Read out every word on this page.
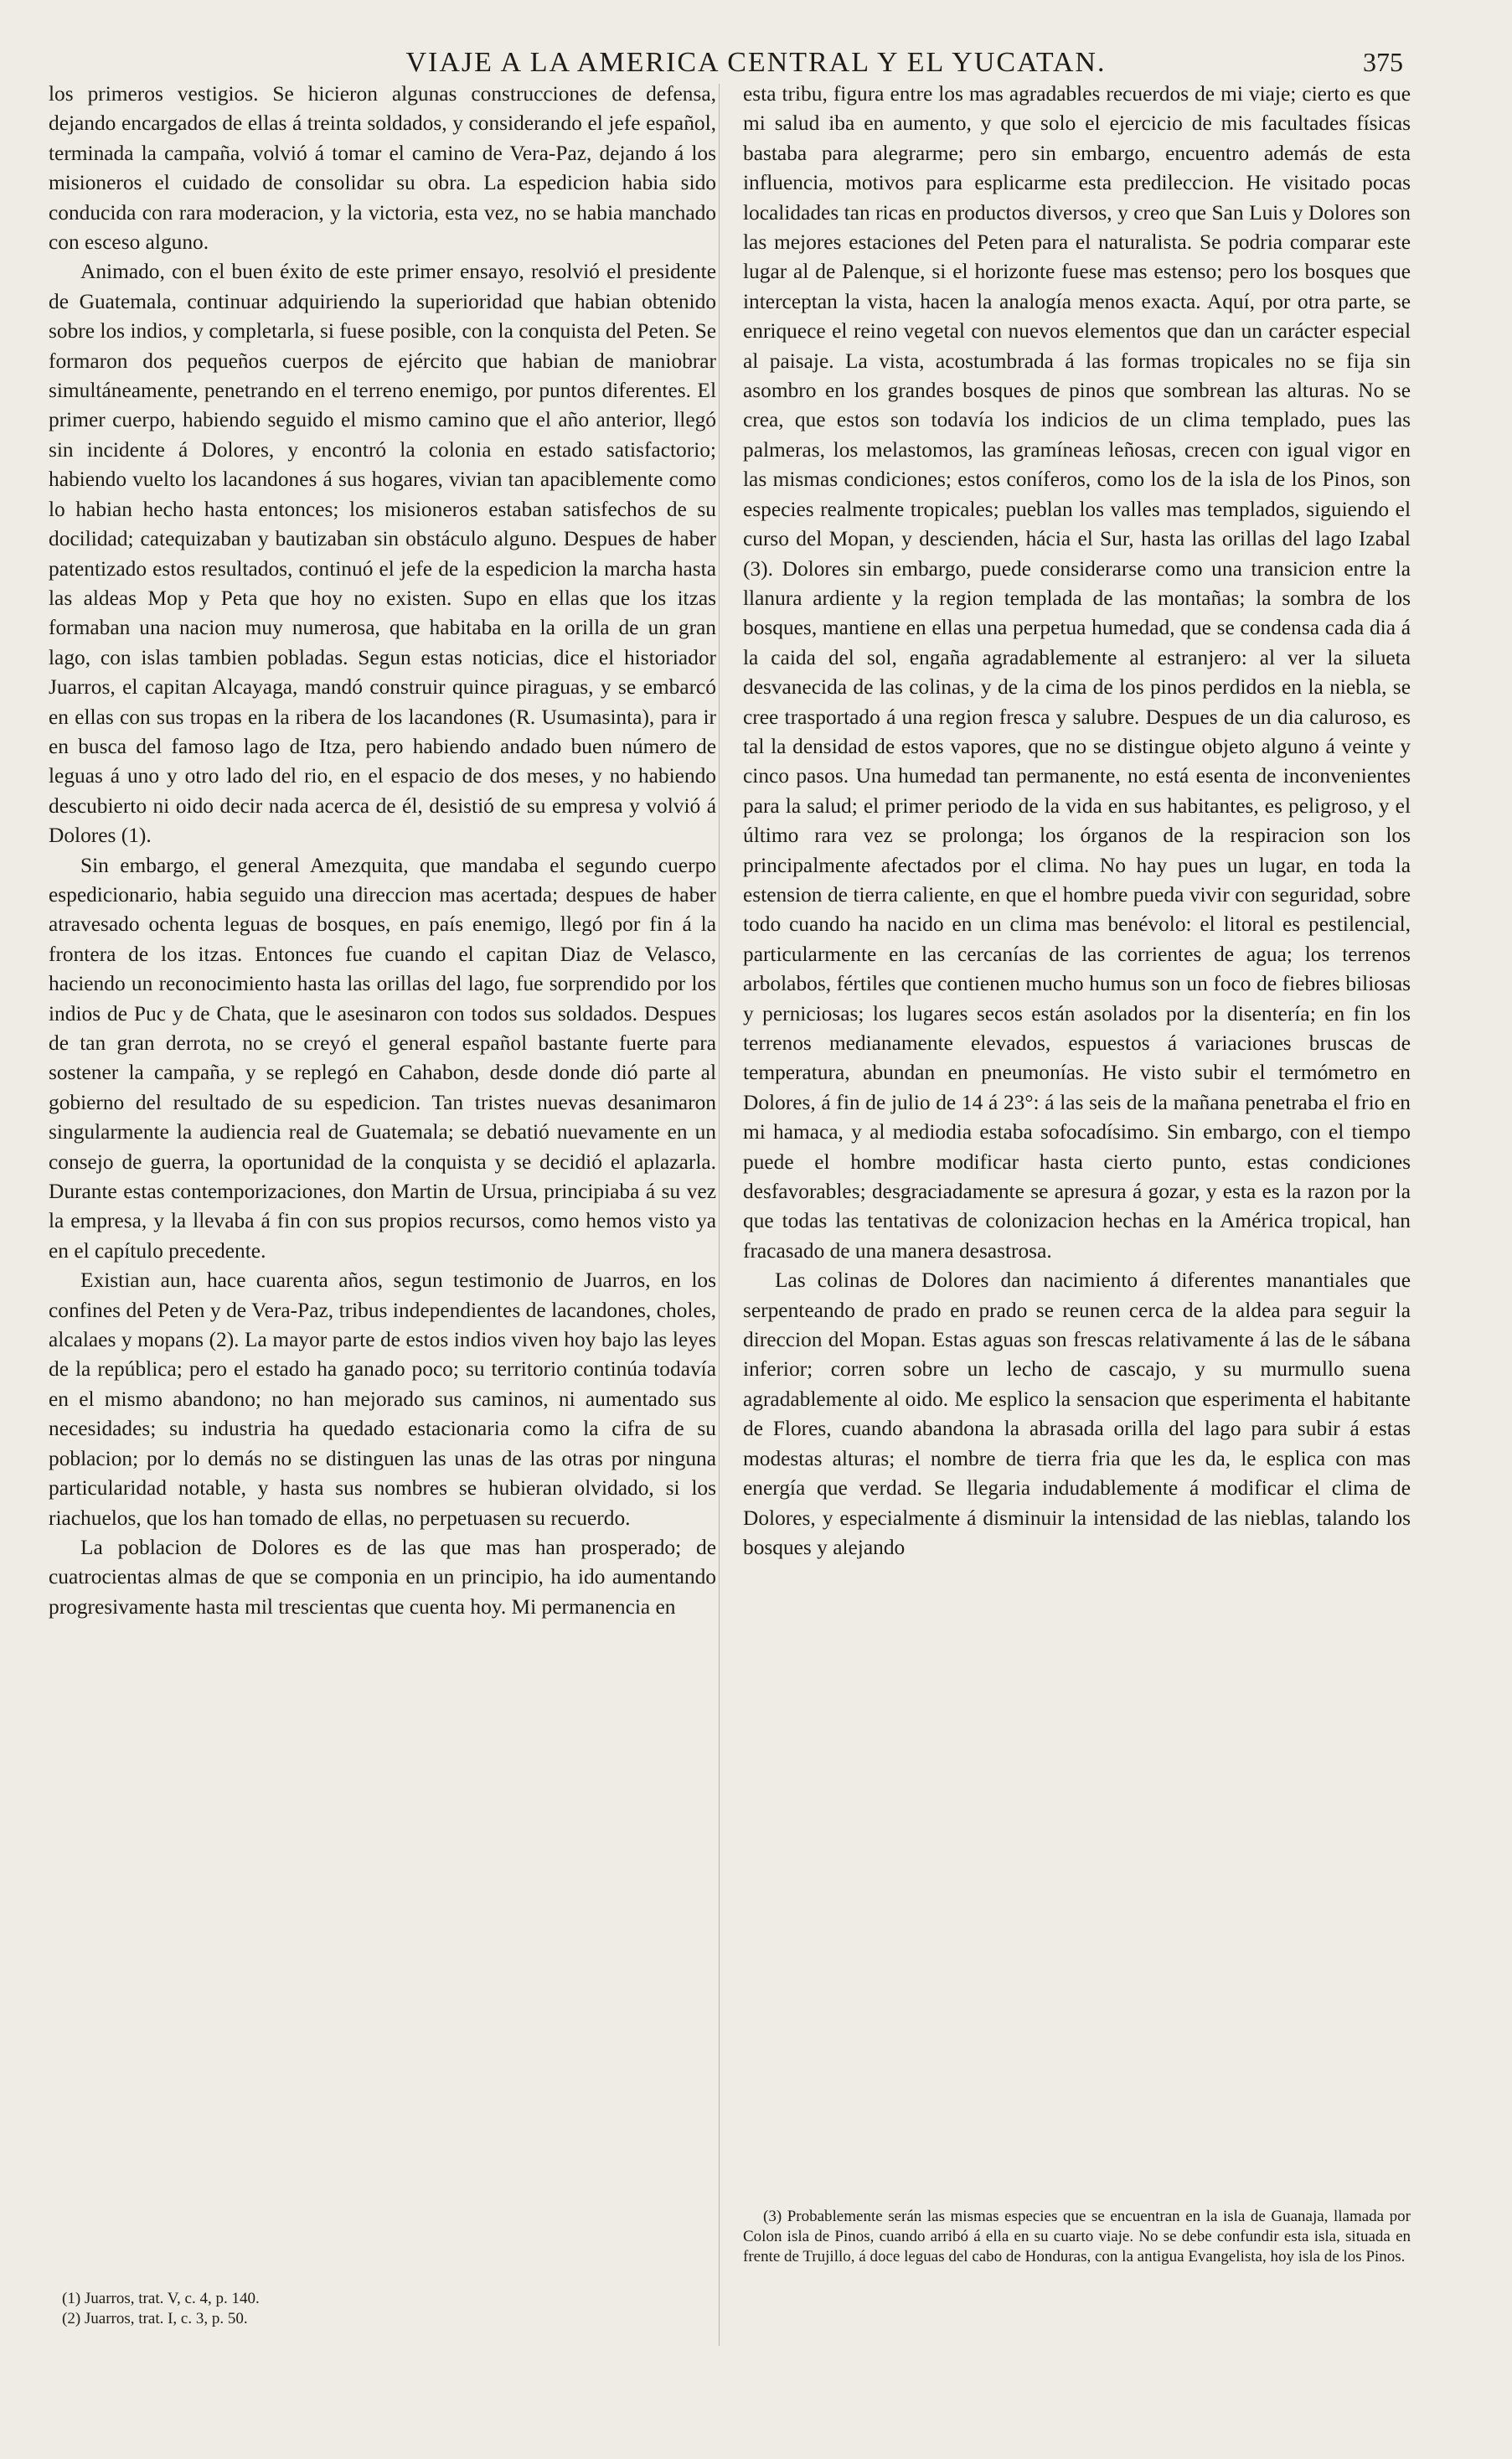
VIAJE A LA AMERICA CENTRAL Y EL YUCATAN.	375

los primeros vestigios. Se hicieron algunas construcciones de defensa, dejando encargados de ellas á treinta soldados, y considerando el jefe español, terminada la campaña, volvió á tomar el camino de Vera-Paz, dejando á los misioneros el cuidado de consolidar su obra. La espedicion habia sido conducida con rara moderacion, y la victoria, esta vez, no se habia manchado con esceso alguno.

Animado, con el buen éxito de este primer ensayo, resolvió el presidente de Guatemala, continuar adquiriendo la superioridad que habian obtenido sobre los indios, y completarla, si fuese posible, con la conquista del Peten. Se formaron dos pequeños cuerpos de ejército que habian de maniobrar simultáneamente, penetrando en el terreno enemigo, por puntos diferentes. El primer cuerpo, habiendo seguido el mismo camino que el año anterior, llegó sin incidente á Dolores, y encontró la colonia en estado satisfactorio; habiendo vuelto los lacandones á sus hogares, vivian tan apaciblemente como lo habian hecho hasta entonces; los misioneros estaban satisfechos de su docilidad; catequizaban y bautizaban sin obstáculo alguno. Despues de haber patentizado estos resultados, continuó el jefe de la espedicion la marcha hasta las aldeas Mop y Peta que hoy no existen. Supo en ellas que los itzas formaban una nacion muy numerosa, que habitaba en la orilla de un gran lago, con islas tambien pobladas. Segun estas noticias, dice el historiador Juarros, el capitan Alcayaga, mandó construir quince piraguas, y se embarcó en ellas con sus tropas en la ribera de los lacandones (R. Usumasinta), para ir en busca del famoso lago de Itza, pero habiendo andado buen número de leguas á uno y otro lado del rio, en el espacio de dos meses, y no habiendo descubierto ni oido decir nada acerca de él, desistió de su empresa y volvió á Dolores (1).

Sin embargo, el general Amezquita, que mandaba el segundo cuerpo espedicionario, habia seguido una direccion mas acertada; despues de haber atravesado ochenta leguas de bosques, en país enemigo, llegó por fin á la frontera de los itzas. Entonces fue cuando el capitan Diaz de Velasco, haciendo un reconocimiento hasta las orillas del lago, fue sorprendido por los indios de Puc y de Chata, que le asesinaron con todos sus soldados. Despues de tan gran derrota, no se creyó el general español bastante fuerte para sostener la campaña, y se replegó en Cahabon, desde donde dió parte al gobierno del resultado de su espedicion. Tan tristes nuevas desanimaron singularmente la audiencia real de Guatemala; se debatió nuevamente en un consejo de guerra, la oportunidad de la conquista y se decidió el aplazarla. Durante estas contemporizaciones, don Martin de Ursua, principiaba á su vez la empresa, y la llevaba á fin con sus propios recursos, como hemos visto ya en el capítulo precedente.

Existian aun, hace cuarenta años, segun testimonio de Juarros, en los confines del Peten y de Vera-Paz, tribus independientes de lacandones, choles, alcalaes y mopans (2). La mayor parte de estos indios viven hoy bajo las leyes de la república; pero el estado ha ganado poco; su territorio continúa todavía en el mismo abandono; no han mejorado sus caminos, ni aumentado sus necesidades; su industria ha quedado estacionaria como la cifra de su poblacion; por lo demás no se distinguen las unas de las otras por ninguna particularidad notable, y hasta sus nombres se hubieran olvidado, si los riachuelos, que los han tomado de ellas, no perpetuasen su recuerdo.

La poblacion de Dolores es de las que mas han prosperado; de cuatrocientas almas de que se componia en un principio, ha ido aumentando progresivamente hasta mil trescientas que cuenta hoy. Mi permanencia en

esta tribu, figura entre los mas agradables recuerdos de mi viaje; cierto es que mi salud iba en aumento, y que solo el ejercicio de mis facultades físicas bastaba para alegrarme; pero sin embargo, encuentro además de esta influencia, motivos para esplicarme esta predileccion. He visitado pocas localidades tan ricas en productos diversos, y creo que San Luis y Dolores son las mejores estaciones del Peten para el naturalista. Se podria comparar este lugar al de Palenque, si el horizonte fuese mas estenso; pero los bosques que interceptan la vista, hacen la analogía menos exacta. Aquí, por otra parte, se enriquece el reino vegetal con nuevos elementos que dan un carácter especial al paisaje. La vista, acostumbrada á las formas tropicales no se fija sin asombro en los grandes bosques de pinos que sombrean las alturas. No se crea, que estos son todavía los indicios de un clima templado, pues las palmeras, los melastomos, las gramíneas leñosas, crecen con igual vigor en las mismas condiciones; estos coníferos, como los de la isla de los Pinos, son especies realmente tropicales; pueblan los valles mas templados, siguiendo el curso del Mopan, y descienden, hácia el Sur, hasta las orillas del lago Izabal (3). Dolores sin embargo, puede considerarse como una transicion entre la llanura ardiente y la region templada de las montañas; la sombra de los bosques, mantiene en ellas una perpetua humedad, que se condensa cada dia á la caida del sol, engaña agradablemente al estranjero: al ver la silueta desvanecida de las colinas, y de la cima de los pinos perdidos en la niebla, se cree trasportado á una region fresca y salubre. Despues de un dia caluroso, es tal la densidad de estos vapores, que no se distingue objeto alguno á veinte y cinco pasos. Una humedad tan permanente, no está esenta de inconvenientes para la salud; el primer periodo de la vida en sus habitantes, es peligroso, y el último rara vez se prolonga; los órganos de la respiracion son los principalmente afectados por el clima. No hay pues un lugar, en toda la estension de tierra caliente, en que el hombre pueda vivir con seguridad, sobre todo cuando ha nacido en un clima mas benévolo: el litoral es pestilencial, particularmente en las cercanías de las corrientes de agua; los terrenos arbolabos, fértiles que contienen mucho humus son un foco de fiebres biliosas y perniciosas; los lugares secos están asolados por la disentería; en fin los terrenos medianamente elevados, espuestos á variaciones bruscas de temperatura, abundan en pneumonías. He visto subir el termómetro en Dolores, á fin de julio de 14 á 23°: á las seis de la mañana penetraba el frio en mi hamaca, y al mediodia estaba sofocadísimo. Sin embargo, con el tiempo puede el hombre modificar hasta cierto punto, estas condiciones desfavorables; desgraciadamente se apresura á gozar, y esta es la razon por la que todas las tentativas de colonizacion hechas en la América tropical, han fracasado de una manera desastrosa.

Las colinas de Dolores dan nacimiento á diferentes manantiales que serpenteando de prado en prado se reunen cerca de la aldea para seguir la direccion del Mopan. Estas aguas son frescas relativamente á las de le sábana inferior; corren sobre un lecho de cascajo, y su murmullo suena agradablemente al oido. Me esplico la sensacion que esperimenta el habitante de Flores, cuando abandona la abrasada orilla del lago para subir á estas modestas alturas; el nombre de tierra fria que les da, le esplica con mas energía que verdad. Se llegaria indudablemente á modificar el clima de Dolores, y especialmente á disminuir la intensidad de las nieblas, talando los bosques y alejando

(1) Juarros, trat. V, c. 4, p. 140.

(2) Juarros, trat. I, c. 3, p. 50.

(3) Probablemente serán las mismas especies que se encuentran en la isla de Guanaja, llamada por Colon isla de Pinos, cuando arribó á ella en su cuarto viaje. No se debe confundir esta isla, situada en frente de Trujillo, á doce leguas del cabo de Honduras, con la antigua Evangelista, hoy isla de los Pinos.
